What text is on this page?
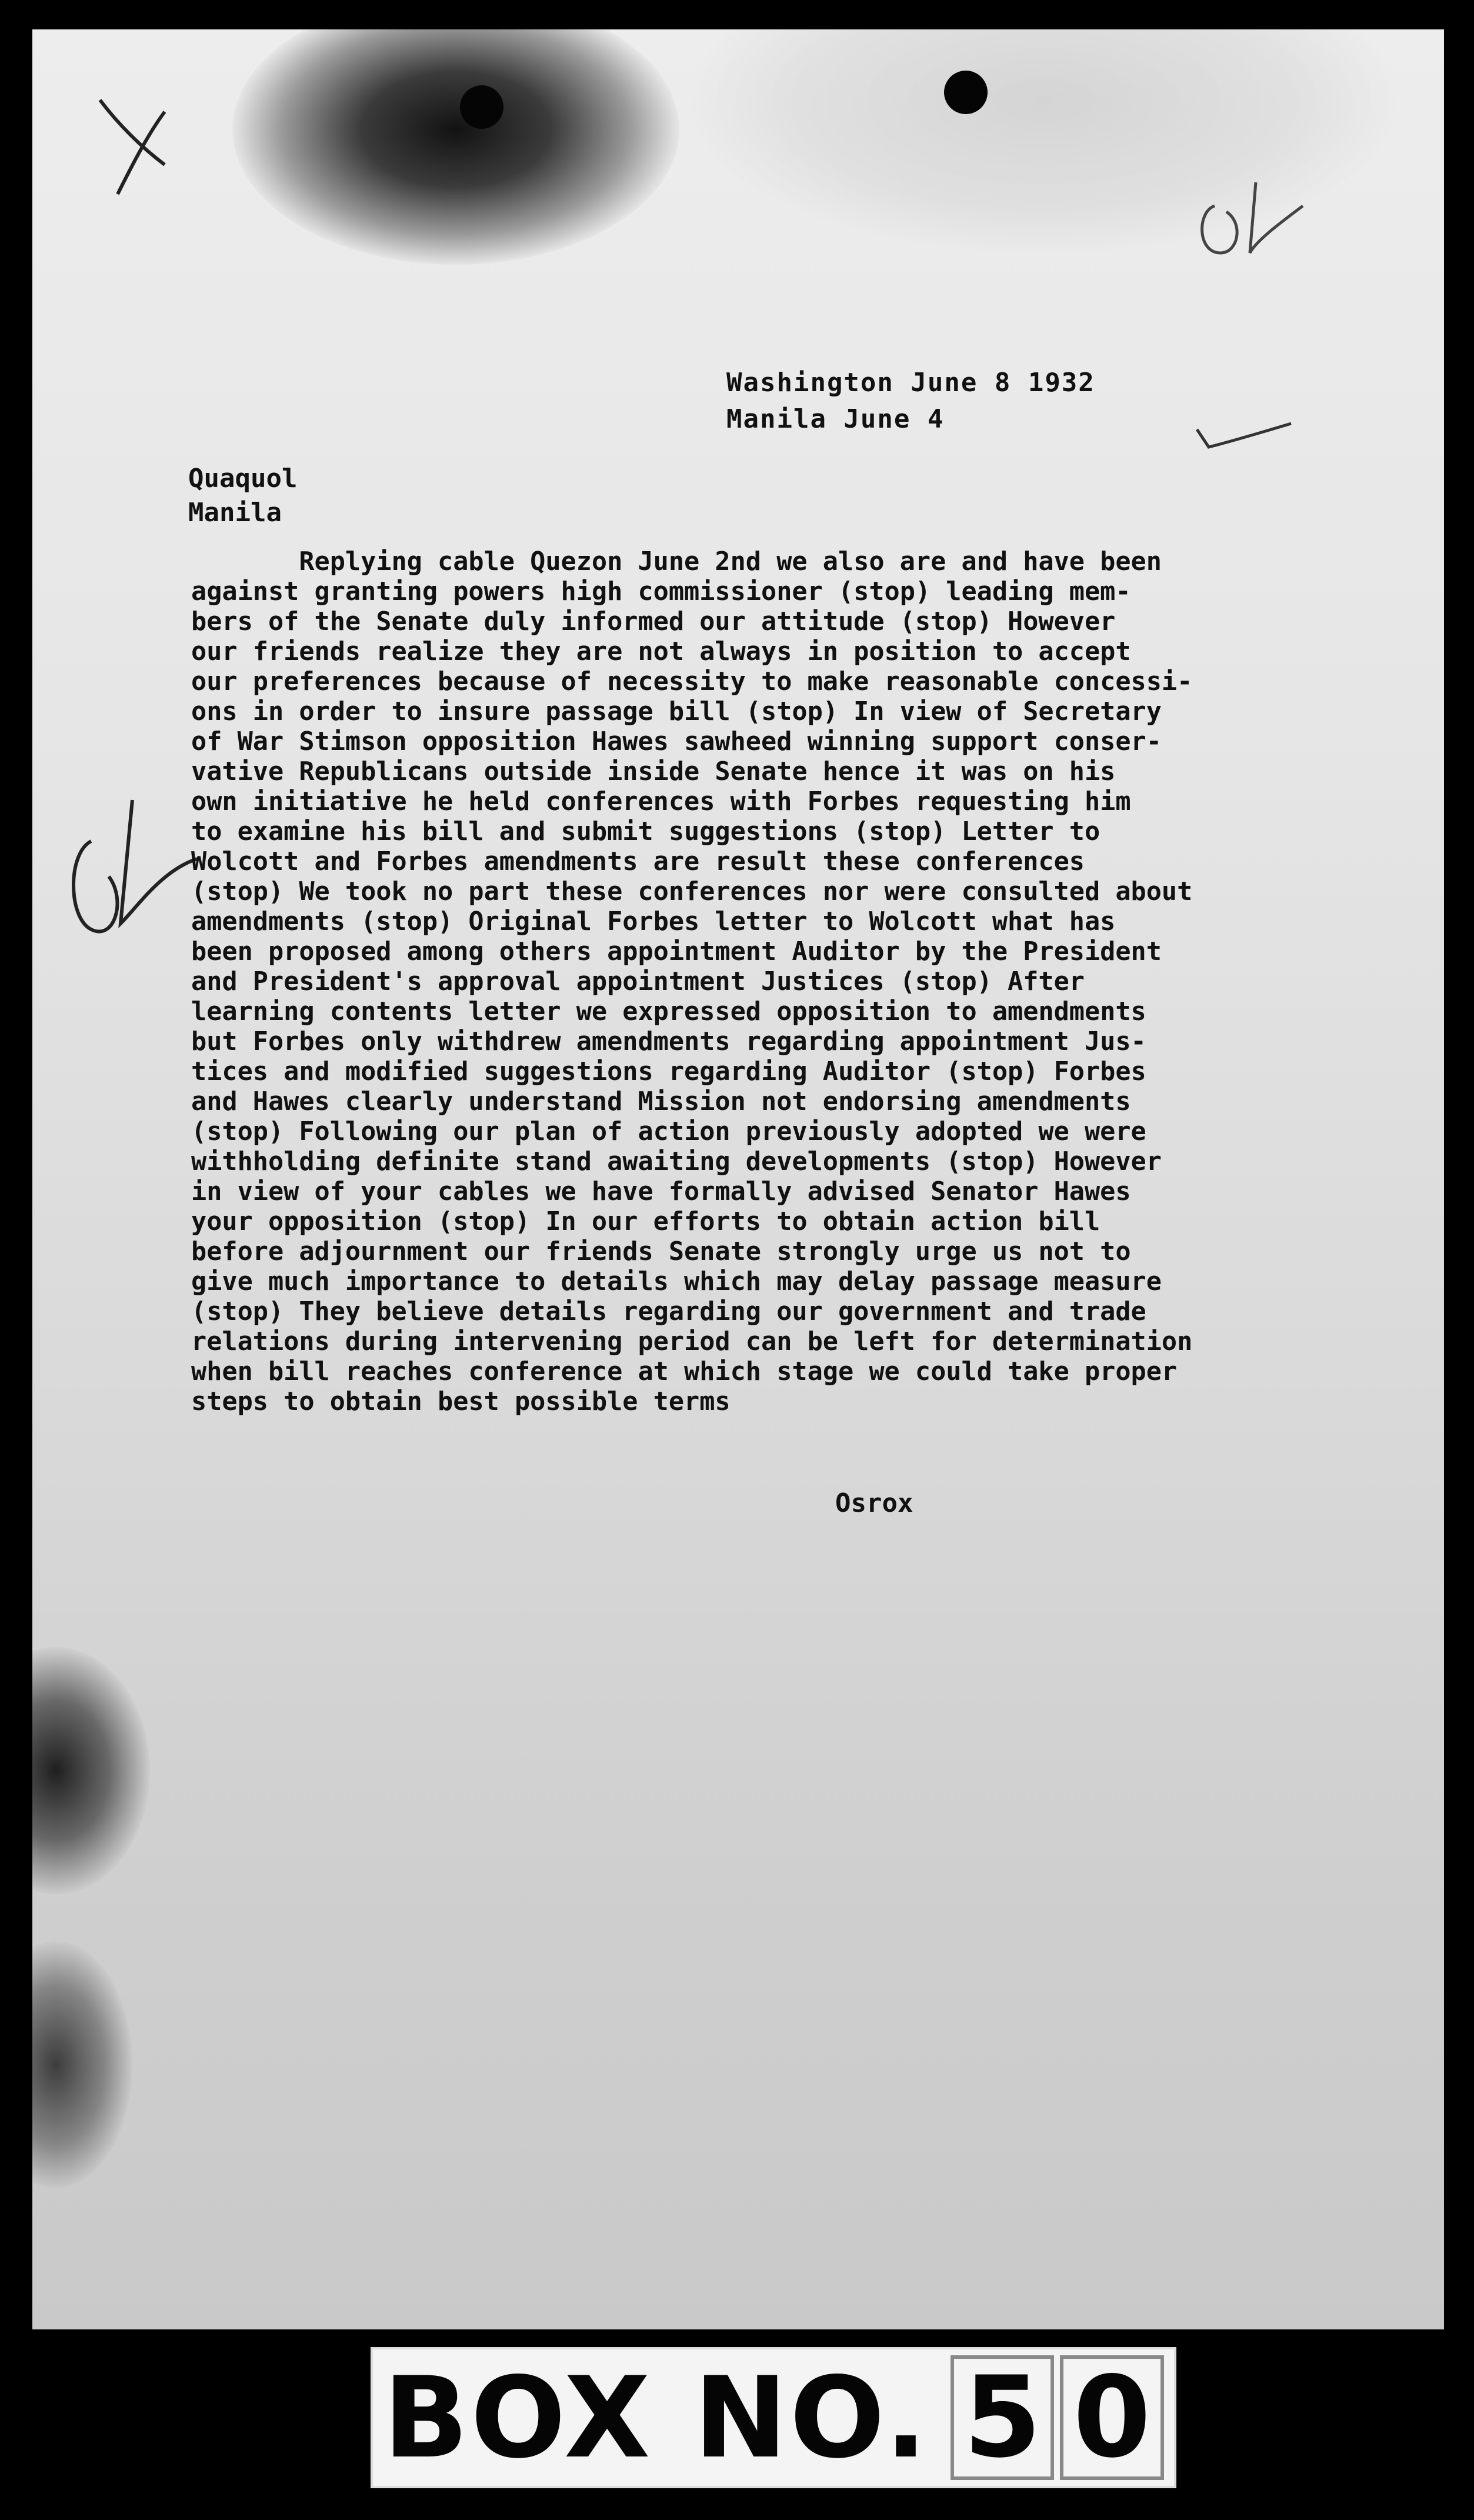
Washington June 8 1932
Manila June 4
Quaquol
Manila
Replying cable Quezon June 2nd we also are and have been
against granting powers high commissioner (stop) leading mem-
bers of the Senate duly informed our attitude (stop) However
our friends realize they are not always in position to accept
our preferences because of necessity to make reasonable concessi-
ons in order to insure passage bill (stop) In view of Secretary
of War Stimson opposition Hawes sawheed winning support conser-
vative Republicans outside inside Senate hence it was on his
own initiative he held conferences with Forbes requesting him
to examine his bill and submit suggestions (stop) Letter to
Wolcott and Forbes amendments are result these conferences
(stop) We took no part these conferences nor were consulted about
amendments (stop) Original Forbes letter to Wolcott what has
been proposed among others appointment Auditor by the President
and President's approval appointment Justices (stop) After
learning contents letter we expressed opposition to amendments
but Forbes only withdrew amendments regarding appointment Jus-
tices and modified suggestions regarding Auditor (stop) Forbes
and Hawes clearly understand Mission not endorsing amendments
(stop) Following our plan of action previously adopted we were
withholding definite stand awaiting developments (stop) However
in view of your cables we have formally advised Senator Hawes
your opposition (stop) In our efforts to obtain action bill
before adjournment our friends Senate strongly urge us not to
give much importance to details which may delay passage measure
(stop) They believe details regarding our government and trade
relations during intervening period can be left for determination
when bill reaches conference at which stage we could take proper
steps to obtain best possible terms
Osrox
BOX NO. 5 0
